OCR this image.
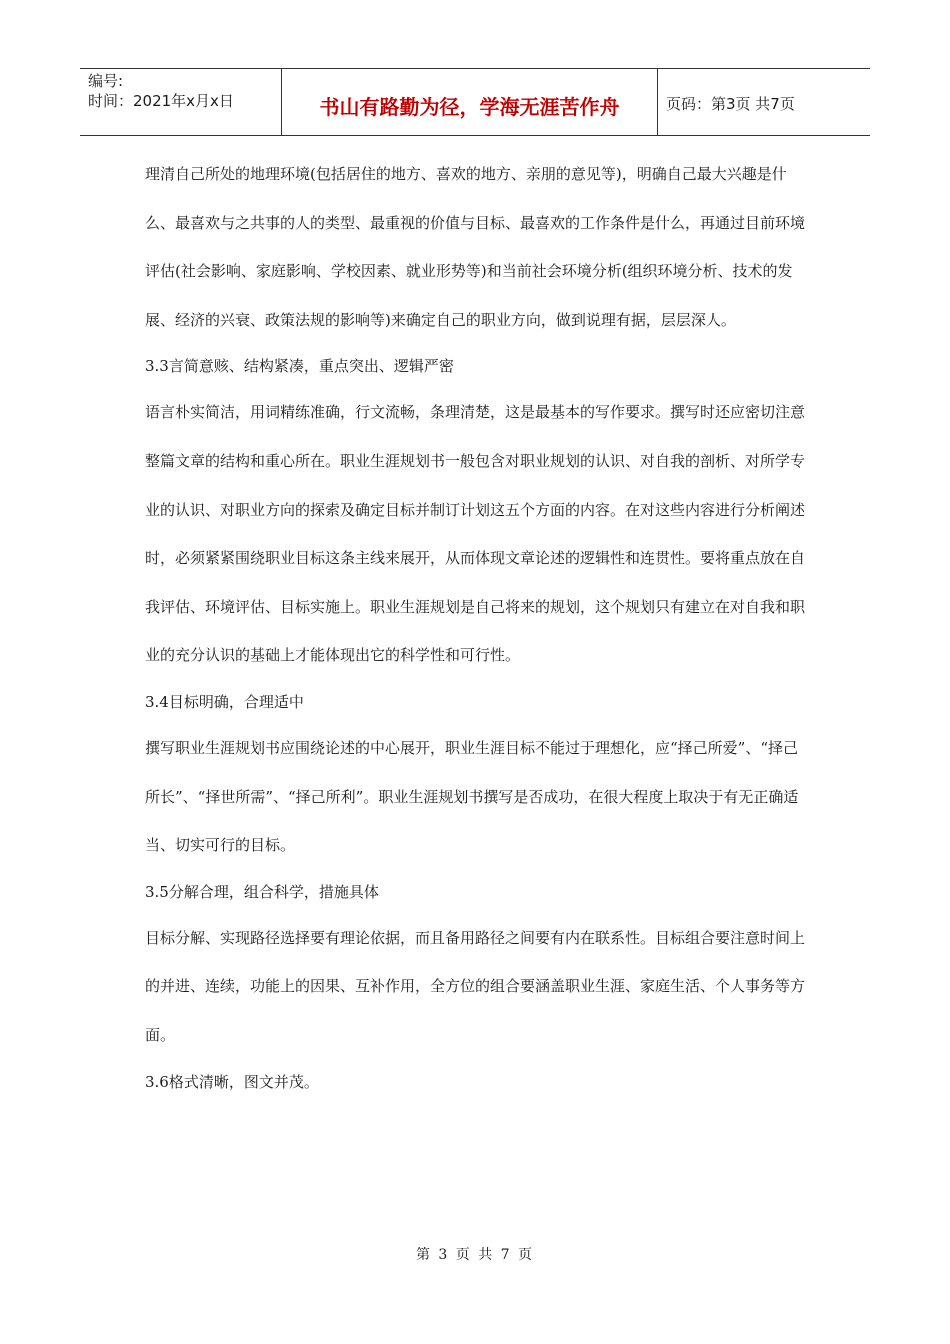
编号:
时间：2021年x月x日	书山有路勤为径，学海无涯苦作舟	页码：第3页 共7页

理清自己所处的地理环境(包括居住的地方、喜欢的地方、亲朋的意见等)，明确自己最大兴趣是什么、最喜欢与之共事的人的类型、最重视的价值与目标、最喜欢的工作条件是什么，再通过目前环境评估(社会影响、家庭影响、学校因素、就业形势等)和当前社会环境分析(组织环境分析、技术的发展、经济的兴衰、政策法规的影响等)来确定自己的职业方向，做到说理有据，层层深人。

3.3言简意赅、结构紧凑，重点突出、逻辑严密

语言朴实简洁，用词精练准确，行文流畅，条理清楚，这是最基本的写作要求。撰写时还应密切注意整篇文章的结构和重心所在。职业生涯规划书一般包含对职业规划的认识、对自我的剖析、对所学专业的认识、对职业方向的探索及确定目标并制订计划这五个方面的内容。在对这些内容进行分析阐述时，必须紧紧围绕职业目标这条主线来展开，从而体现文章论述的逻辑性和连贯性。要将重点放在自我评估、环境评估、目标实施上。职业生涯规划是自己将来的规划，这个规划只有建立在对自我和职业的充分认识的基础上才能体现出它的科学性和可行性。

3.4目标明确，合理适中

撰写职业生涯规划书应围绕论述的中心展开，职业生涯目标不能过于理想化，应“择己所爱”、“择己所长”、“择世所需”、“择己所利”。职业生涯规划书撰写是否成功，在很大程度上取决于有无正确适当、切实可行的目标。

3.5分解合理，组合科学，措施具体

目标分解、实现路径选择要有理论依据，而且备用路径之间要有内在联系性。目标组合要注意时间上的并进、连续，功能上的因果、互补作用，全方位的组合要涵盖职业生涯、家庭生活、个人事务等方面。

3.6格式清晰，图文并茂。

第 3 页 共 7 页
